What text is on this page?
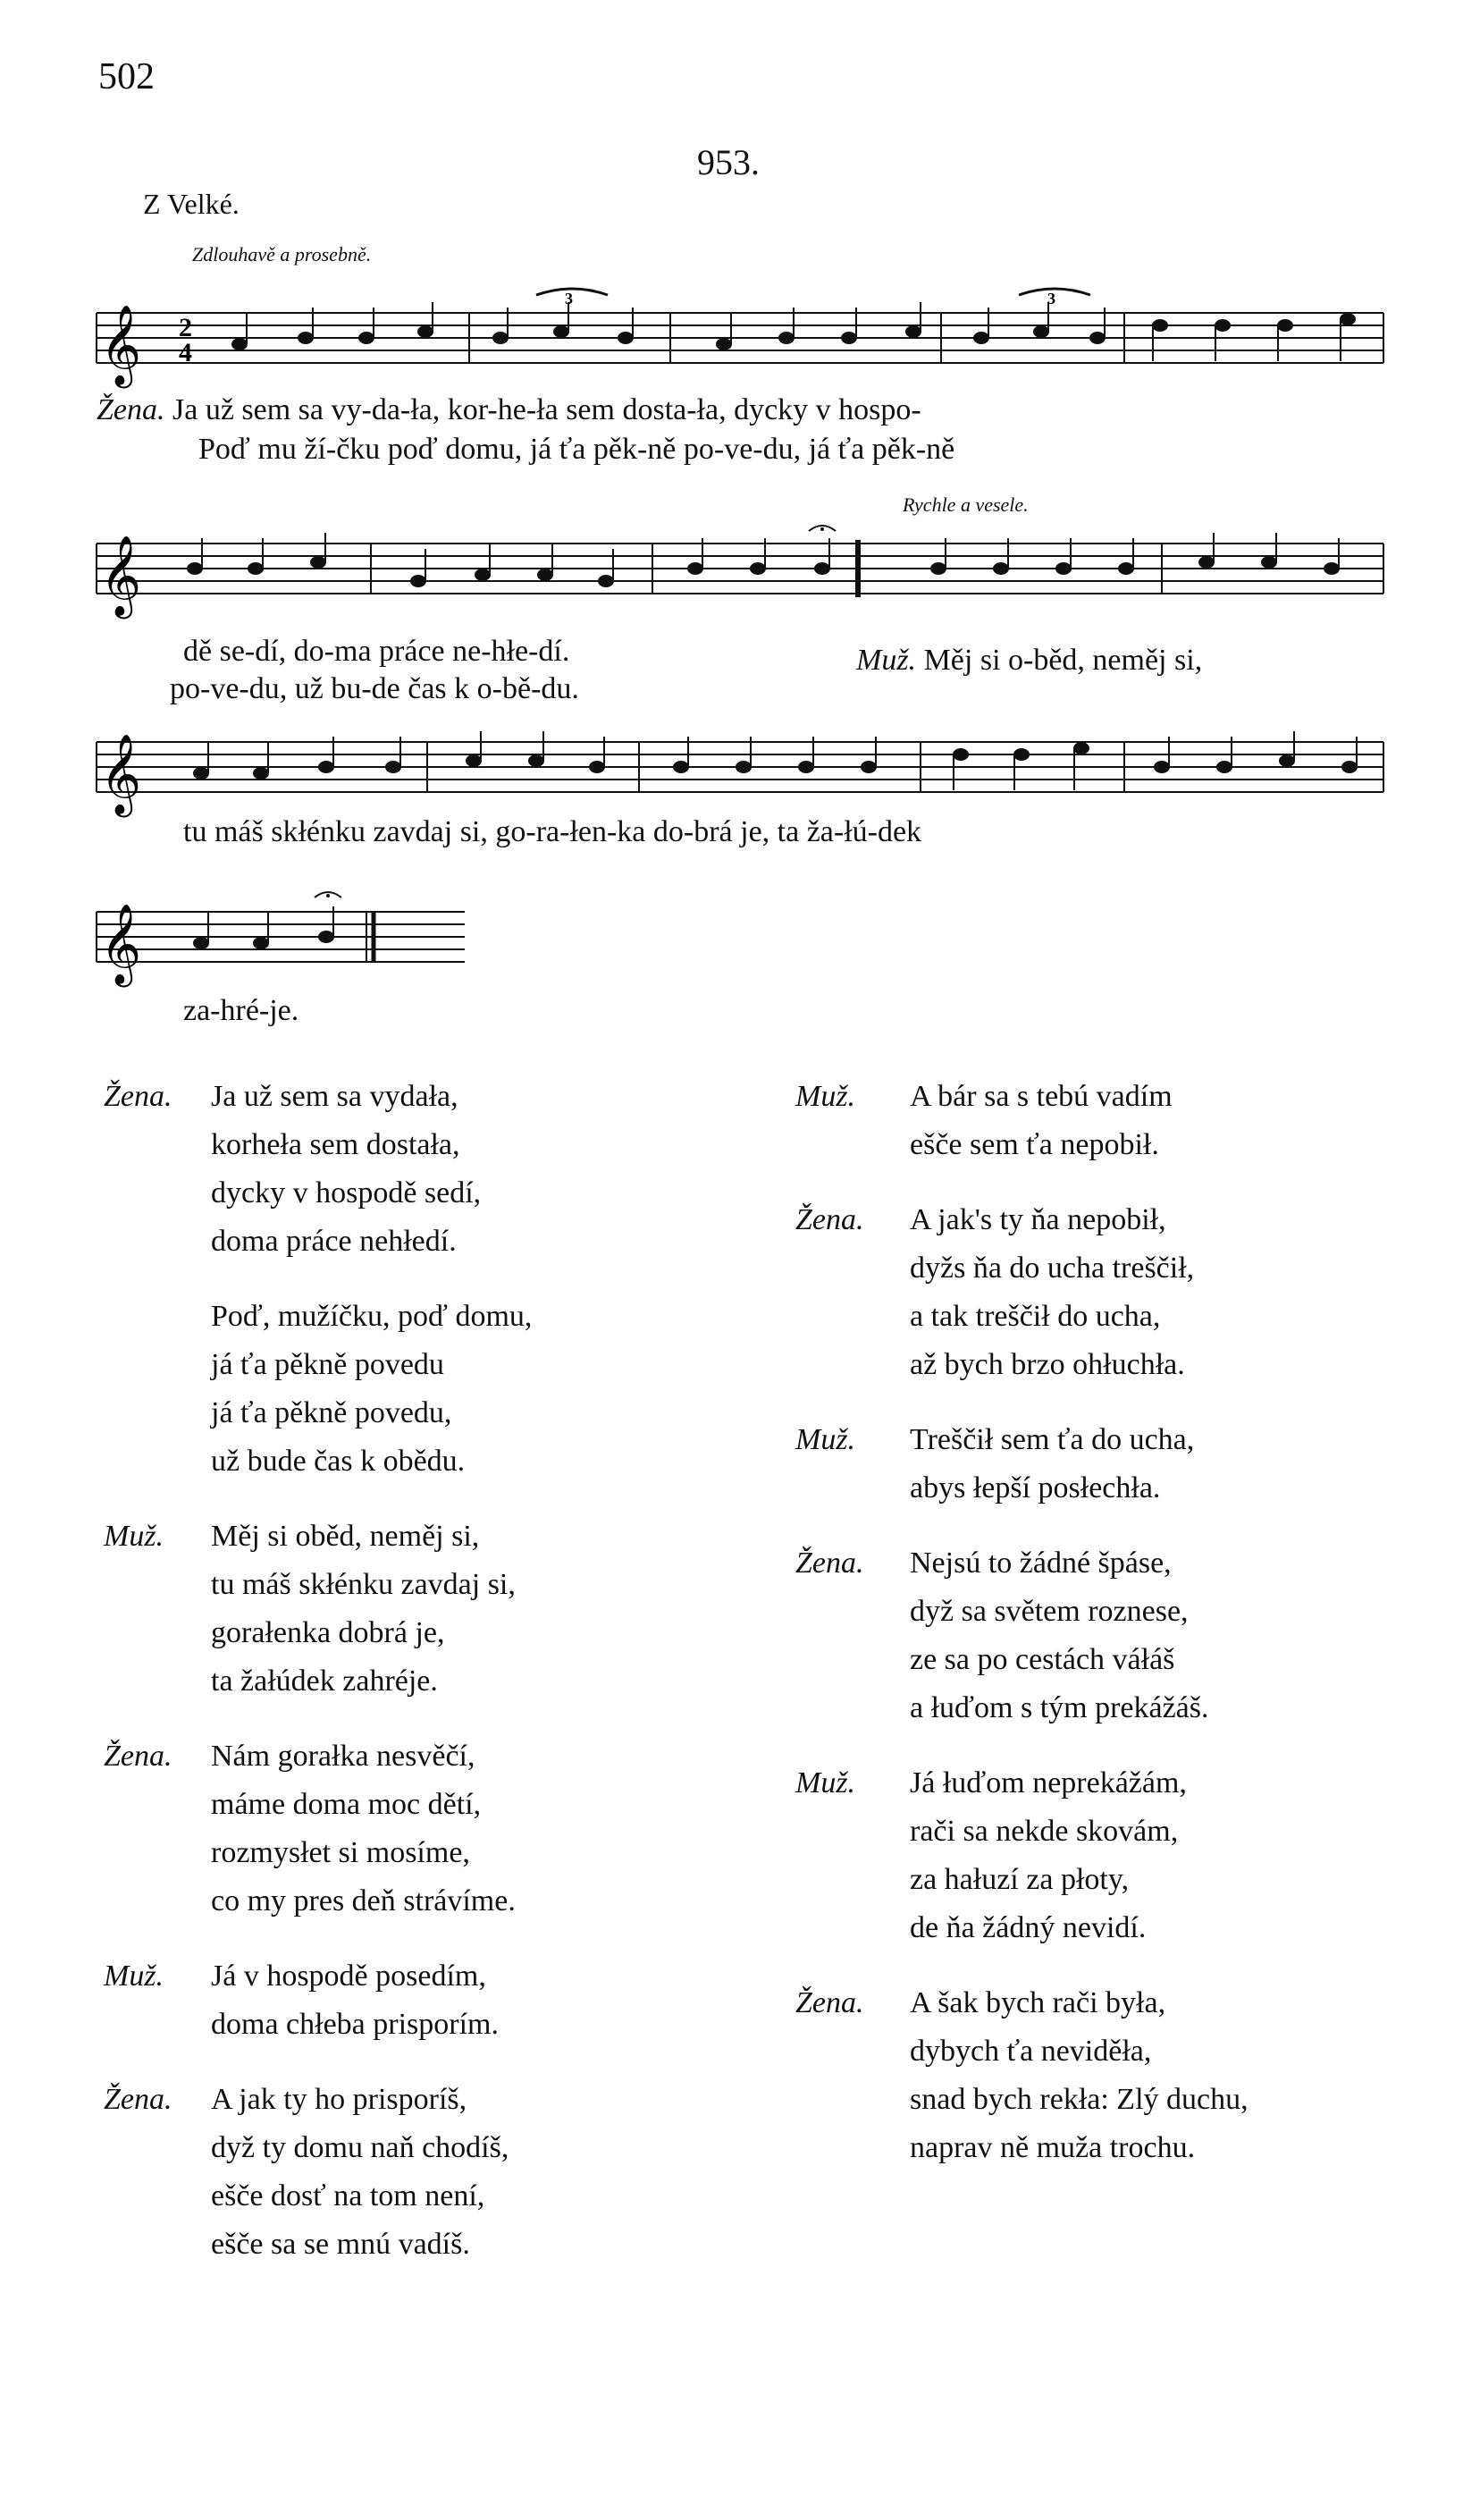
502
953.
Z Velké.
Zdlouhavě a prosebně.
𝄞 2
4
3	3
Žena. Ja už sem sa vy-da-ła, kor-he-ła sem dosta-ła, dycky v hospo-
Poď mu ží-čku poď domu, já ťa pěk-ně po-ve-du, já ťa pěk-ně
Rychle a vesele.
𝄞
dě se-dí, do-ma práce ne-hłe-dí.
po-ve-du, už bu-de čas k o-bě-du.
Muž. Měj si o-běd, neměj si,
𝄞
tu máš skłénku zavdaj si, go-ra-łen-ka do-brá je, ta ža-łú-dek
𝄞
za-hré-je.
Žena. Ja už sem sa vydała,
korheła sem dostała,
dycky v hospodě sedí,
doma práce nehłedí.
Poď, mužíčku, poď domu,
já ťa pěkně povedu
já ťa pěkně povedu,
už bude čas k obědu.
Muž. Měj si oběd, neměj si,
tu máš skłénku zavdaj si,
gorałenka dobrá je,
ta žałúdek zahréje.
Žena. Nám gorałka nesvěčí,
máme doma moc dětí,
rozmysłet si mosíme,
co my pres deň strávíme.
Muž. Já v hospodě posedím,
doma chłeba prisporím.
Žena. A jak ty ho prisporíš,
dyž ty domu naň chodíš,
ešče dosť na tom není,
ešče sa se mnú vadíš.
Muž. A bár sa s tebú vadím
ešče sem ťa nepobił.
Žena. A jak's ty ňa nepobił,
dyžs ňa do ucha treščił,
a tak treščił do ucha,
až bych brzo ohłuchła.
Muž. Treščił sem ťa do ucha,
abys łepší posłechła.
Žena. Nejsú to žádné špáse,
dyž sa světem roznese,
ze sa po cestách váłáš
a łuďom s tým prekážáš.
Muž. Já łuďom neprekážám,
rači sa nekde skovám,
za hałuzí za płoty,
de ňa žádný nevidí.
Žena. A šak bych rači była,
dybych ťa neviděła,
snad bych rekła: Zlý duchu,
naprav ně muža trochu.
